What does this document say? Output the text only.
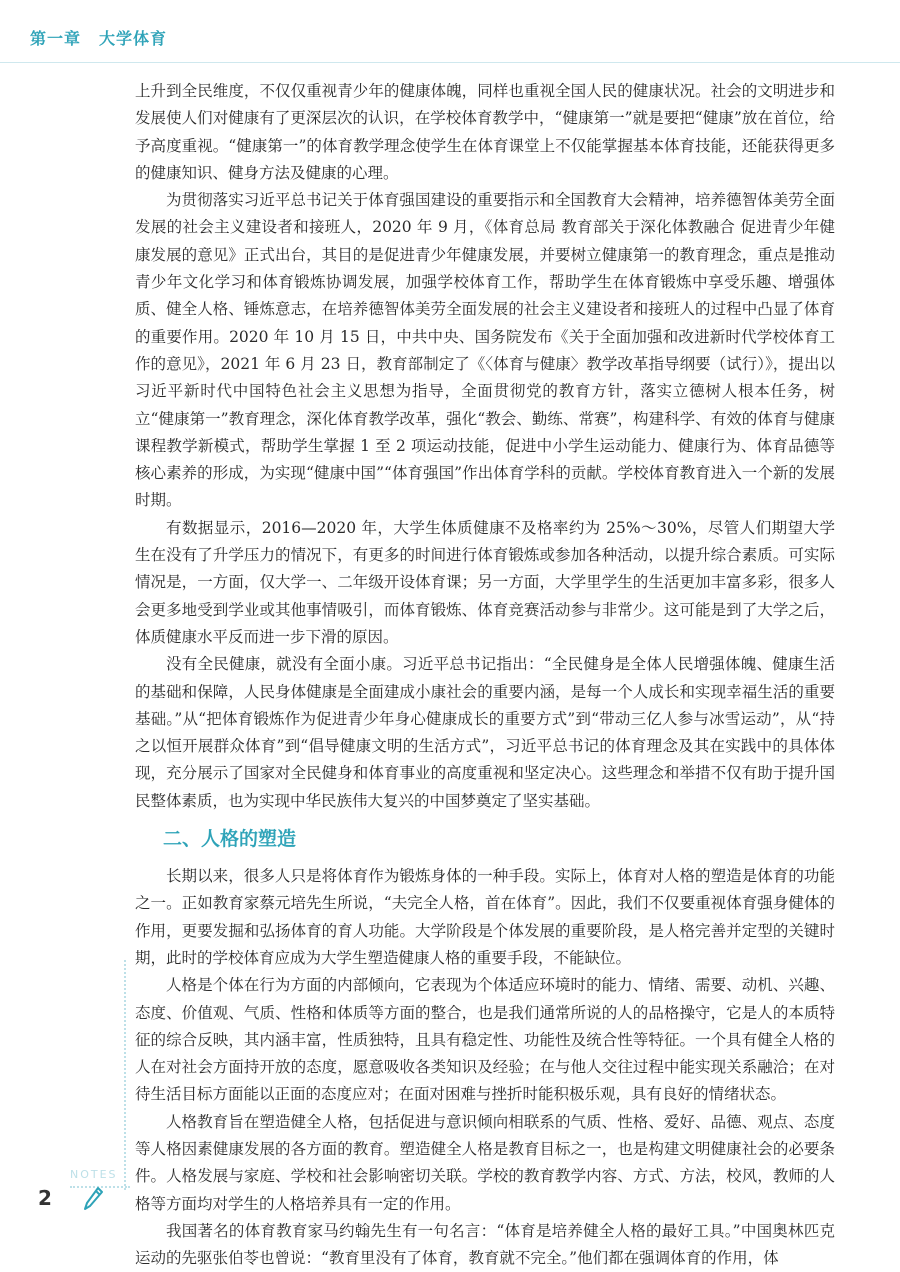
第一章 大学体育

上升到全民维度，不仅仅重视青少年的健康体魄，同样也重视全国人民的健康状况。社会的文明进步和发展使人们对健康有了更深层次的认识，在学校体育教学中，“健康第一”就是要把“健康”放在首位，给予高度重视。“健康第一”的体育教学理念使学生在体育课堂上不仅能掌握基本体育技能，还能获得更多的健康知识、健身方法及健康的心理。

为贯彻落实习近平总书记关于体育强国建设的重要指示和全国教育大会精神，培养德智体美劳全面发展的社会主义建设者和接班人，2020 年 9 月，《体育总局 教育部关于深化体教融合 促进青少年健康发展的意见》正式出台，其目的是促进青少年健康发展，并要树立健康第一的教育理念，重点是推动青少年文化学习和体育锻炼协调发展，加强学校体育工作，帮助学生在体育锻炼中享受乐趣、增强体质、健全人格、锤炼意志，在培养德智体美劳全面发展的社会主义建设者和接班人的过程中凸显了体育的重要作用。2020 年 10 月 15 日，中共中央、国务院发布《关于全面加强和改进新时代学校体育工作的意见》，2021 年 6 月 23 日，教育部制定了《〈体育与健康〉教学改革指导纲要（试行）》，提出以习近平新时代中国特色社会主义思想为指导，全面贯彻党的教育方针，落实立德树人根本任务，树立“健康第一”教育理念，深化体育教学改革，强化“教会、勤练、常赛”，构建科学、有效的体育与健康课程教学新模式，帮助学生掌握 1 至 2 项运动技能，促进中小学生运动能力、健康行为、体育品德等核心素养的形成，为实现“健康中国”“体育强国”作出体育学科的贡献。学校体育教育进入一个新的发展时期。

有数据显示，2016—2020 年，大学生体质健康不及格率约为 25%～30%，尽管人们期望大学生在没有了升学压力的情况下，有更多的时间进行体育锻炼或参加各种活动，以提升综合素质。可实际情况是，一方面，仅大学一、二年级开设体育课；另一方面，大学里学生的生活更加丰富多彩，很多人会更多地受到学业或其他事情吸引，而体育锻炼、体育竞赛活动参与非常少。这可能是到了大学之后，体质健康水平反而进一步下滑的原因。

没有全民健康，就没有全面小康。习近平总书记指出：“全民健身是全体人民增强体魄、健康生活的基础和保障，人民身体健康是全面建成小康社会的重要内涵，是每一个人成长和实现幸福生活的重要基础。”从“把体育锻炼作为促进青少年身心健康成长的重要方式”到“带动三亿人参与冰雪运动”，从“持之以恒开展群众体育”到“倡导健康文明的生活方式”，习近平总书记的体育理念及其在实践中的具体体现，充分展示了国家对全民健身和体育事业的高度重视和坚定决心。这些理念和举措不仅有助于提升国民整体素质，也为实现中华民族伟大复兴的中国梦奠定了坚实基础。

二、人格的塑造

长期以来，很多人只是将体育作为锻炼身体的一种手段。实际上，体育对人格的塑造是体育的功能之一。正如教育家蔡元培先生所说，“夫完全人格，首在体育”。因此，我们不仅要重视体育强身健体的作用，更要发掘和弘扬体育的育人功能。大学阶段是个体发展的重要阶段，是人格完善并定型的关键时期，此时的学校体育应成为大学生塑造健康人格的重要手段，不能缺位。

人格是个体在行为方面的内部倾向，它表现为个体适应环境时的能力、情绪、需要、动机、兴趣、态度、价值观、气质、性格和体质等方面的整合，也是我们通常所说的人的品格操守，它是人的本质特征的综合反映，其内涵丰富，性质独特，且具有稳定性、功能性及统合性等特征。一个具有健全人格的人在对社会方面持开放的态度，愿意吸收各类知识及经验；在与他人交往过程中能实现关系融洽；在对待生活目标方面能以正面的态度应对；在面对困难与挫折时能积极乐观，具有良好的情绪状态。

人格教育旨在塑造健全人格，包括促进与意识倾向相联系的气质、性格、爱好、品德、观点、态度等人格因素健康发展的各方面的教育。塑造健全人格是教育目标之一，也是构建文明健康社会的必要条件。人格发展与家庭、学校和社会影响密切关联。学校的教育教学内容、方式、方法，校风，教师的人格等方面均对学生的人格培养具有一定的作用。

我国著名的体育教育家马约翰先生有一句名言：“体育是培养健全人格的最好工具。”中国奥林匹克运动的先驱张伯苓也曾说：“教育里没有了体育，教育就不完全。”他们都在强调体育的作用，体

NOTES
2
